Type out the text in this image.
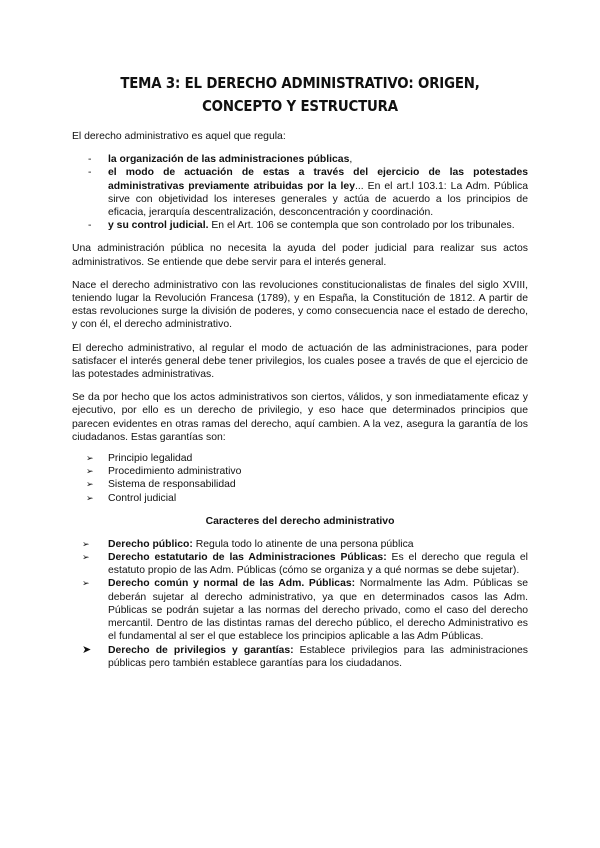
TEMA 3: EL DERECHO ADMINISTRATIVO: ORIGEN, CONCEPTO Y ESTRUCTURA

El derecho administrativo es aquel que regula:

- la organización de las administraciones públicas,
- el modo de actuación de estas a través del ejercicio de las potestades administrativas previamente atribuidas por la ley... En el art.l 103.1: La Adm. Pública sirve con objetividad los intereses generales y actúa de acuerdo a los principios de eficacia, jerarquía descentralización, desconcentración y coordinación.
- y su control judicial. En el Art. 106 se contempla que son controlado por los tribunales.

Una administración pública no necesita la ayuda del poder judicial para realizar sus actos administrativos. Se entiende que debe servir para el interés general.

Nace el derecho administrativo con las revoluciones constitucionalistas de finales del siglo XVIII, teniendo lugar la Revolución Francesa (1789), y en España, la Constitución de 1812. A partir de estas revoluciones surge la división de poderes, y como consecuencia nace el estado de derecho, y con él, el derecho administrativo.

El derecho administrativo, al regular el modo de actuación de las administraciones, para poder satisfacer el interés general debe tener privilegios, los cuales posee a través de que el ejercicio de las potestades administrativas.

Se da por hecho que los actos administrativos son ciertos, válidos, y son inmediatamente eficaz y ejecutivo, por ello es un derecho de privilegio, y eso hace que determinados principios que parecen evidentes en otras ramas del derecho, aquí cambien. A la vez, asegura la garantía de los ciudadanos. Estas garantías son:

➢ Principio legalidad
➢ Procedimiento administrativo
➢ Sistema de responsabilidad
➢ Control judicial
Caracteres del derecho administrativo
➢ Derecho público: Regula todo lo atinente de una persona pública
➢ Derecho estatutario de las Administraciones Públicas: Es el derecho que regula el estatuto propio de las Adm. Públicas (cómo se organiza y a qué normas se debe sujetar).
➢ Derecho común y normal de las Adm. Públicas: Normalmente las Adm. Públicas se deberán sujetar al derecho administrativo, ya que en determinados casos las Adm. Públicas se podrán sujetar a las normas del derecho privado, como el caso del derecho mercantil. Dentro de las distintas ramas del derecho público, el derecho Administrativo es el fundamental al ser el que establece los principios aplicable a las Adm Públicas.
➤ Derecho de privilegios y garantías: Establece privilegios para las administraciones públicas pero también establece garantías para los ciudadanos.
